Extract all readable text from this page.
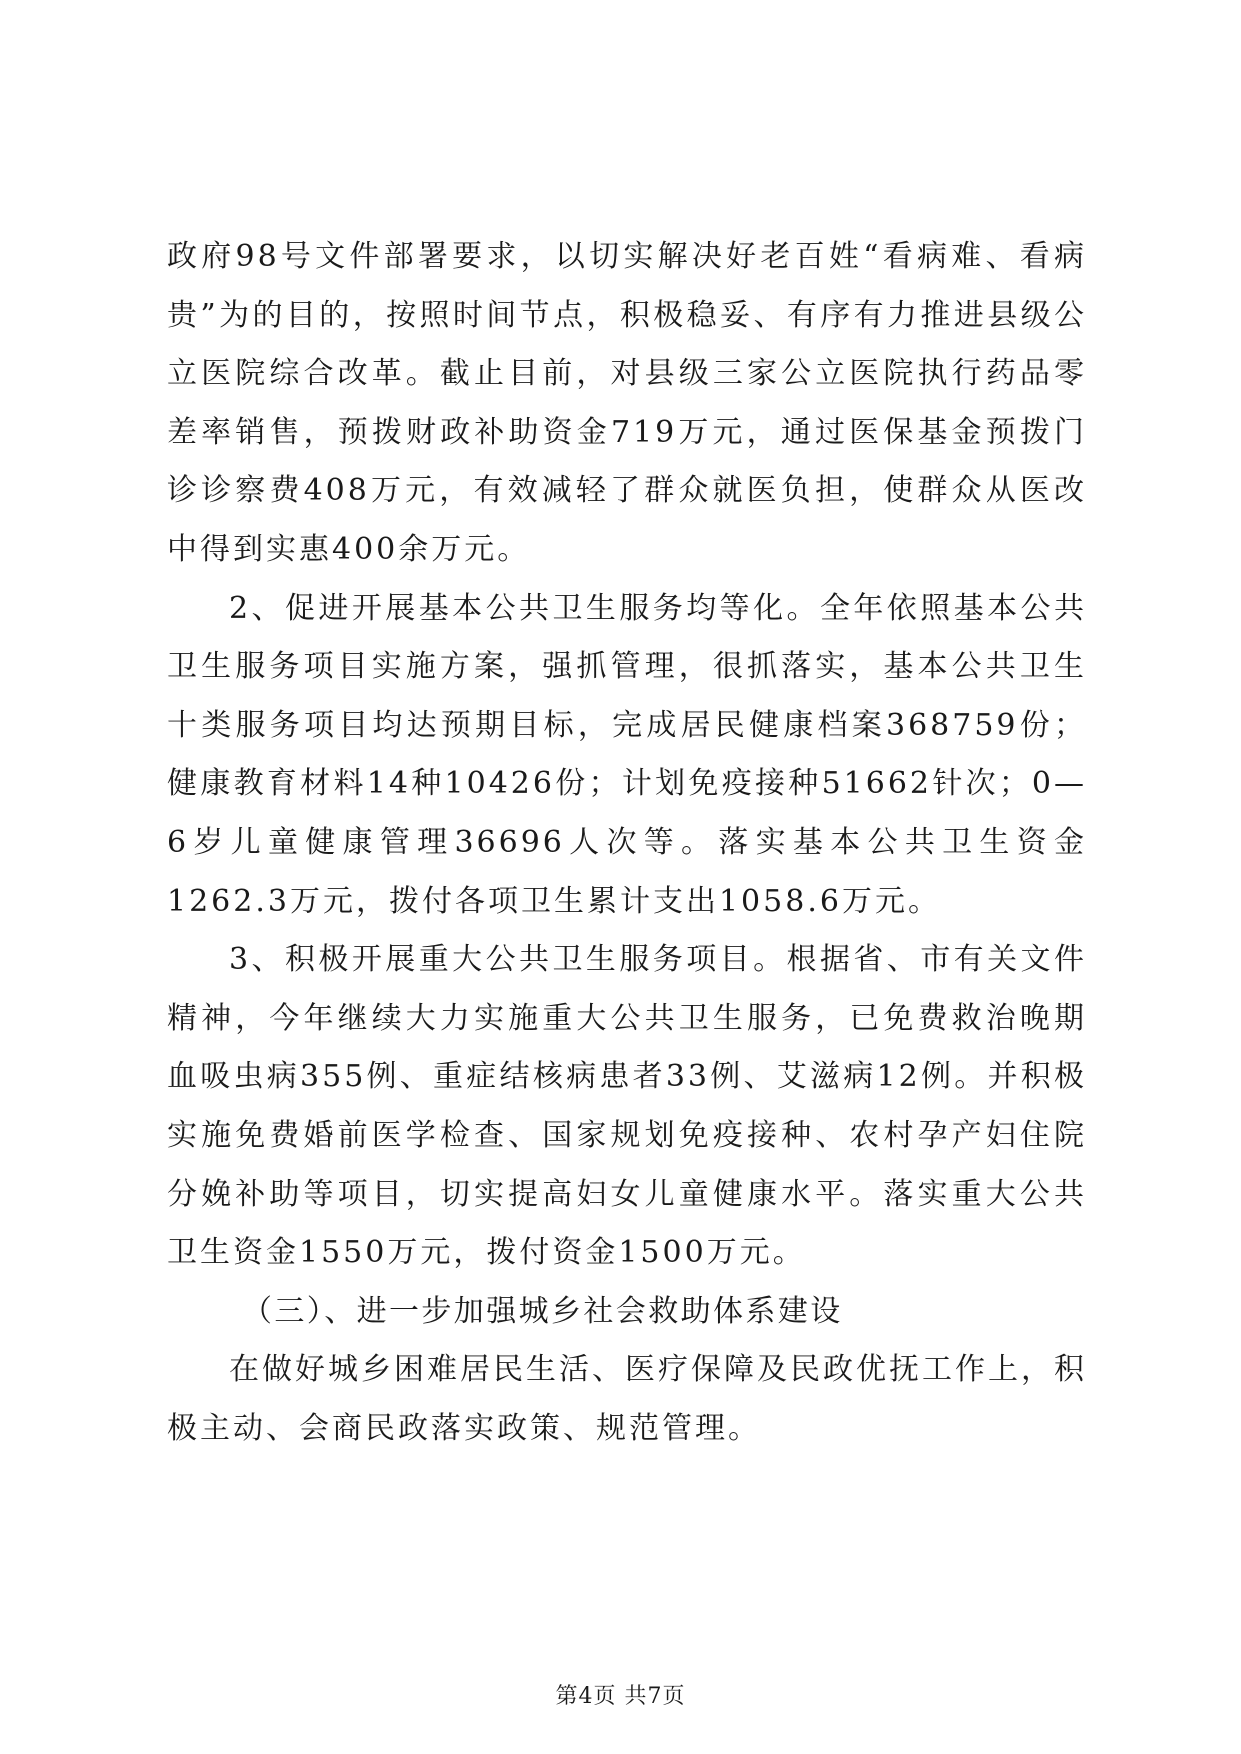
政府98号文件部署要求，以切实解决好老百姓“看病难、看病贵”为的目的，按照时间节点，积极稳妥、有序有力推进县级公立医院综合改革。截止目前，对县级三家公立医院执行药品零差率销售，预拨财政补助资金719万元，通过医保基金预拨门诊诊察费408万元，有效减轻了群众就医负担，使群众从医改中得到实惠400余万元。

2、促进开展基本公共卫生服务均等化。全年依照基本公共卫生服务项目实施方案，强抓管理，很抓落实，基本公共卫生十类服务项目均达预期目标，完成居民健康档案368759份；健康教育材料14种10426份；计划免疫接种51662针次；0—6岁儿童健康管理36696人次等。落实基本公共卫生资金1262.3万元，拨付各项卫生累计支出1058.6万元。

3、积极开展重大公共卫生服务项目。根据省、市有关文件精神，今年继续大力实施重大公共卫生服务，已免费救治晚期血吸虫病355例、重症结核病患者33例、艾滋病12例。并积极实施免费婚前医学检查、国家规划免疫接种、农村孕产妇住院分娩补助等项目，切实提高妇女儿童健康水平。落实重大公共卫生资金1550万元，拨付资金1500万元。

（三）、进一步加强城乡社会救助体系建设

在做好城乡困难居民生活、医疗保障及民政优抚工作上，积极主动、会商民政落实政策、规范管理。

第4页 共7页
